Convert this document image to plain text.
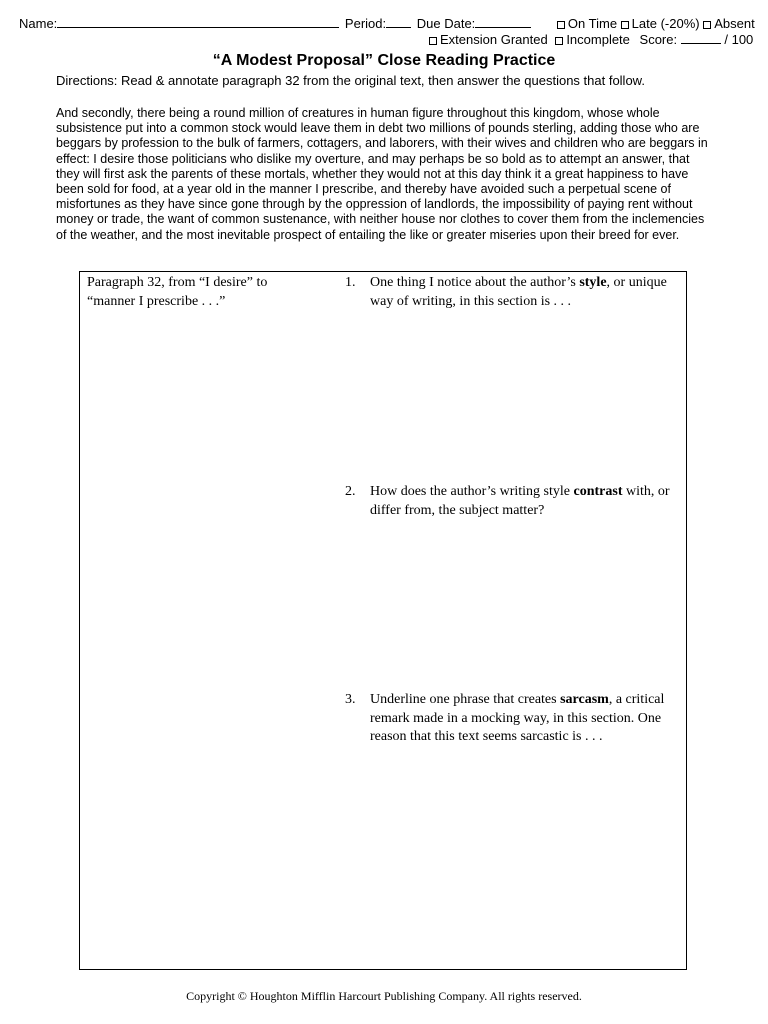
Name:	Period: Due Date:	On Time Late (-20%) Absent
Extension Granted Incomplete Score:	/ 100
“A Modest Proposal” Close Reading Practice
Directions: Read & annotate paragraph 32 from the original text, then answer the questions that follow.
And secondly, there being a round million of creatures in human figure throughout this kingdom, whose whole subsistence put into a common stock would leave them in debt two millions of pounds sterling, adding those who are beggars by profession to the bulk of farmers, cottagers, and laborers, with their wives and children who are beggars in effect: I desire those politicians who dislike my overture, and may perhaps be so bold as to attempt an answer, that they will first ask the parents of these mortals, whether they would not at this day think it a great happiness to have been sold for food, at a year old in the manner I prescribe, and thereby have avoided such a perpetual scene of misfortunes as they have since gone through by the oppression of landlords, the impossibility of paying rent without money or trade, the want of common sustenance, with neither house nor clothes to cover them from the inclemencies of the weather, and the most inevitable prospect of entailing the like or greater miseries upon their breed for ever.
Paragraph 32, from “I desire” to “manner I prescribe . . .”
1. One thing I notice about the author’s style, or unique way of writing, in this section is . . .
2. How does the author’s writing style contrast with, or differ from, the subject matter?
3. Underline one phrase that creates sarcasm, a critical remark made in a mocking way, in this section. One reason that this text seems sarcastic is . . .
Copyright © Houghton Mifflin Harcourt Publishing Company. All rights reserved.
